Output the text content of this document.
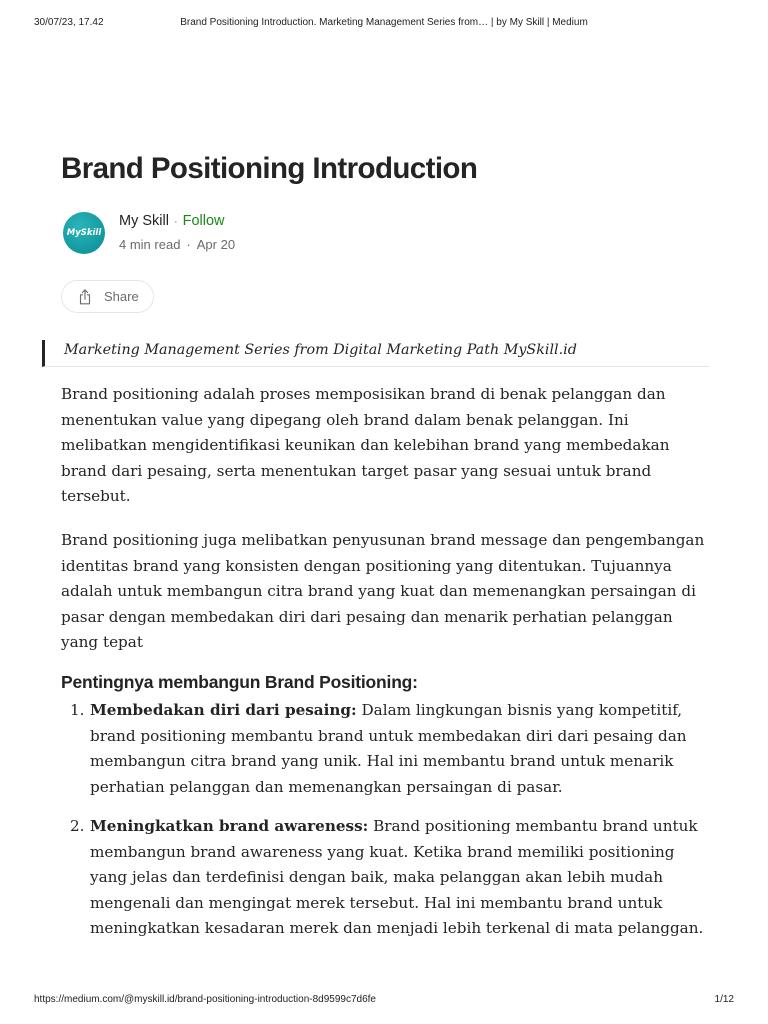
30/07/23, 17.42	Brand Positioning Introduction. Marketing Management Series from… | by My Skill | Medium
Brand Positioning Introduction
MySkill
My Skill · Follow
4 min read · Apr 20
Share
Marketing Management Series from Digital Marketing Path MySkill.id

Brand positioning adalah proses memposisikan brand di benak pelanggan dan
menentukan value yang dipegang oleh brand dalam benak pelanggan. Ini
melibatkan mengidentifikasi keunikan dan kelebihan brand yang membedakan
brand dari pesaing, serta menentukan target pasar yang sesuai untuk brand
tersebut.

Brand positioning juga melibatkan penyusunan brand message dan pengembangan
identitas brand yang konsisten dengan positioning yang ditentukan. Tujuannya
adalah untuk membangun citra brand yang kuat dan memenangkan persaingan di
pasar dengan membedakan diri dari pesaing dan menarik perhatian pelanggan
yang tepat

Pentingnya membangun Brand Positioning:
1. Membedakan diri dari pesaing: Dalam lingkungan bisnis yang kompetitif,
brand positioning membantu brand untuk membedakan diri dari pesaing dan
membangun citra brand yang unik. Hal ini membantu brand untuk menarik
perhatian pelanggan dan memenangkan persaingan di pasar.
2. Meningkatkan brand awareness: Brand positioning membantu brand untuk
membangun brand awareness yang kuat. Ketika brand memiliki positioning
yang jelas dan terdefinisi dengan baik, maka pelanggan akan lebih mudah
mengenali dan mengingat merek tersebut. Hal ini membantu brand untuk
meningkatkan kesadaran merek dan menjadi lebih terkenal di mata pelanggan.
https://medium.com/@myskill.id/brand-positioning-introduction-8d9599c7d6fe	1/12
